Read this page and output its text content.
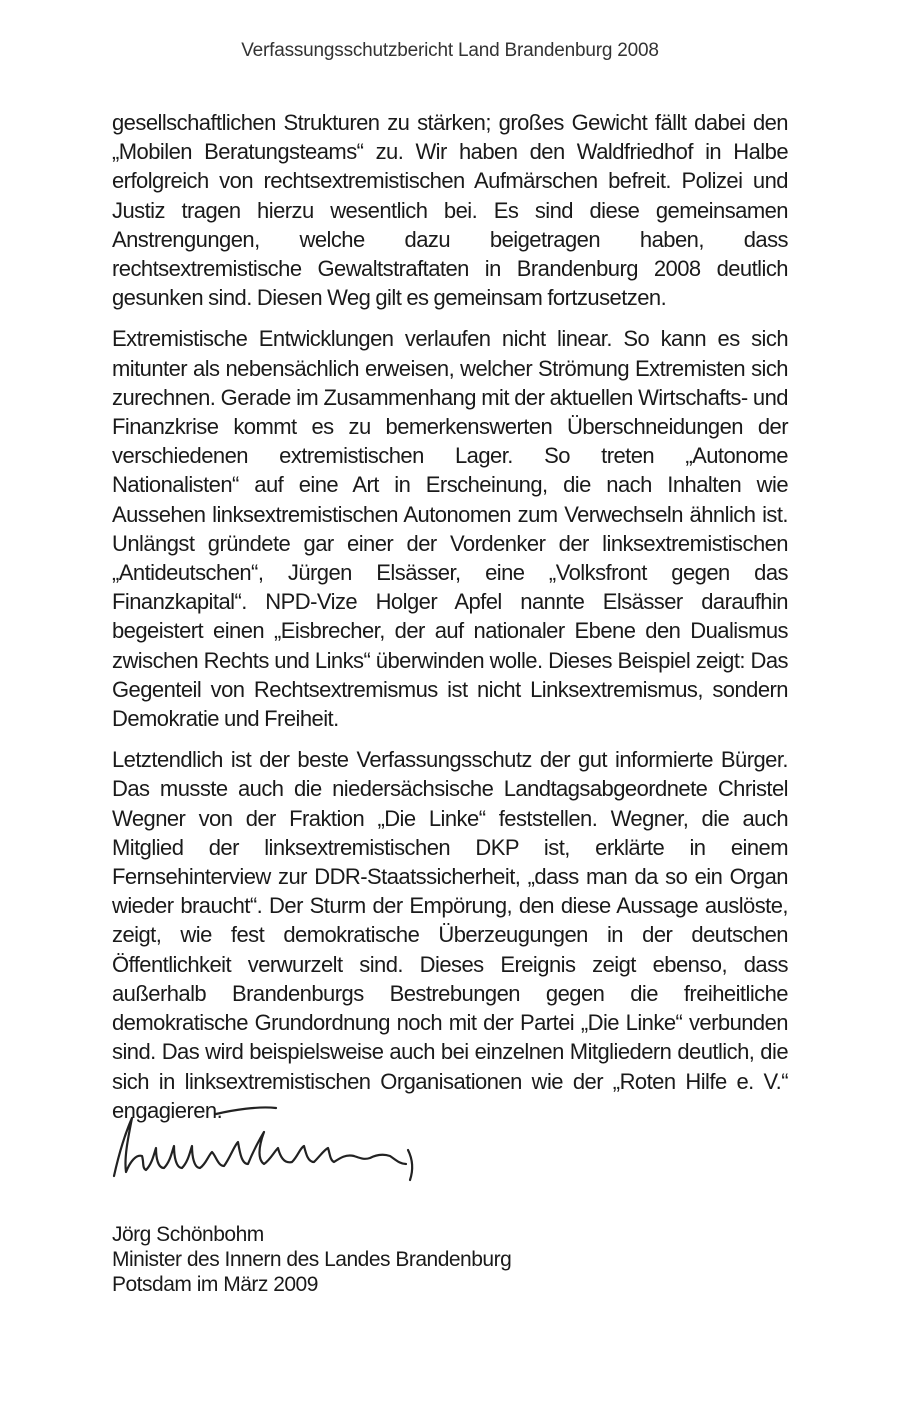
Verfassungsschutzbericht Land Brandenburg 2008

gesellschaftlichen Strukturen zu stärken; großes Gewicht fällt dabei den „Mobilen Beratungsteams“ zu. Wir haben den Waldfriedhof in Halbe erfolgreich von rechtsextremistischen Aufmärschen befreit. Polizei und Justiz tragen hierzu wesentlich bei. Es sind diese gemeinsamen Anstrengungen, welche dazu beigetragen haben, dass rechtsextremistische Gewaltstraftaten in Brandenburg 2008 deutlich gesunken sind. Diesen Weg gilt es gemeinsam fortzusetzen.

Extremistische Entwicklungen verlaufen nicht linear. So kann es sich mitunter als nebensächlich erweisen, welcher Strömung Extremisten sich zurechnen. Gerade im Zusammenhang mit der aktuellen Wirtschafts- und Finanzkrise kommt es zu bemerkenswerten Überschneidungen der verschiedenen extremistischen Lager. So treten „Autonome Nationalisten“ auf eine Art in Erscheinung, die nach Inhalten wie Aussehen linksextremistischen Autonomen zum Verwechseln ähnlich ist. Unlängst gründete gar einer der Vordenker der linksextremistischen „Antideutschen“, Jürgen Elsässer, eine „Volksfront gegen das Finanzkapital“. NPD-Vize Holger Apfel nannte Elsässer daraufhin begeistert einen „Eisbrecher, der auf nationaler Ebene den Dualismus zwischen Rechts und Links“ überwinden wolle. Dieses Beispiel zeigt: Das Gegenteil von Rechtsextremismus ist nicht Linksextremismus, sondern Demokratie und Freiheit.

Letztendlich ist der beste Verfassungsschutz der gut informierte Bürger. Das musste auch die niedersächsische Landtagsabgeordnete Christel Wegner von der Fraktion „Die Linke“ feststellen. Wegner, die auch Mitglied der linksextremistischen DKP ist, erklärte in einem Fernsehinterview zur DDR-Staatssicherheit, „dass man da so ein Organ wieder braucht“. Der Sturm der Empörung, den diese Aussage auslöste, zeigt, wie fest demokratische Überzeugungen in der deutschen Öffentlichkeit verwurzelt sind. Dieses Ereignis zeigt ebenso, dass außerhalb Brandenburgs Bestrebungen gegen die freiheitliche demokratische Grundordnung noch mit der Partei „Die Linke“ verbunden sind. Das wird beispielsweise auch bei einzelnen Mitgliedern deutlich, die sich in linksextremistischen Organisationen wie der „Roten Hilfe e. V.“ engagieren.

Jörg Schönbohm
Minister des Innern des Landes Brandenburg
Potsdam im März 2009
